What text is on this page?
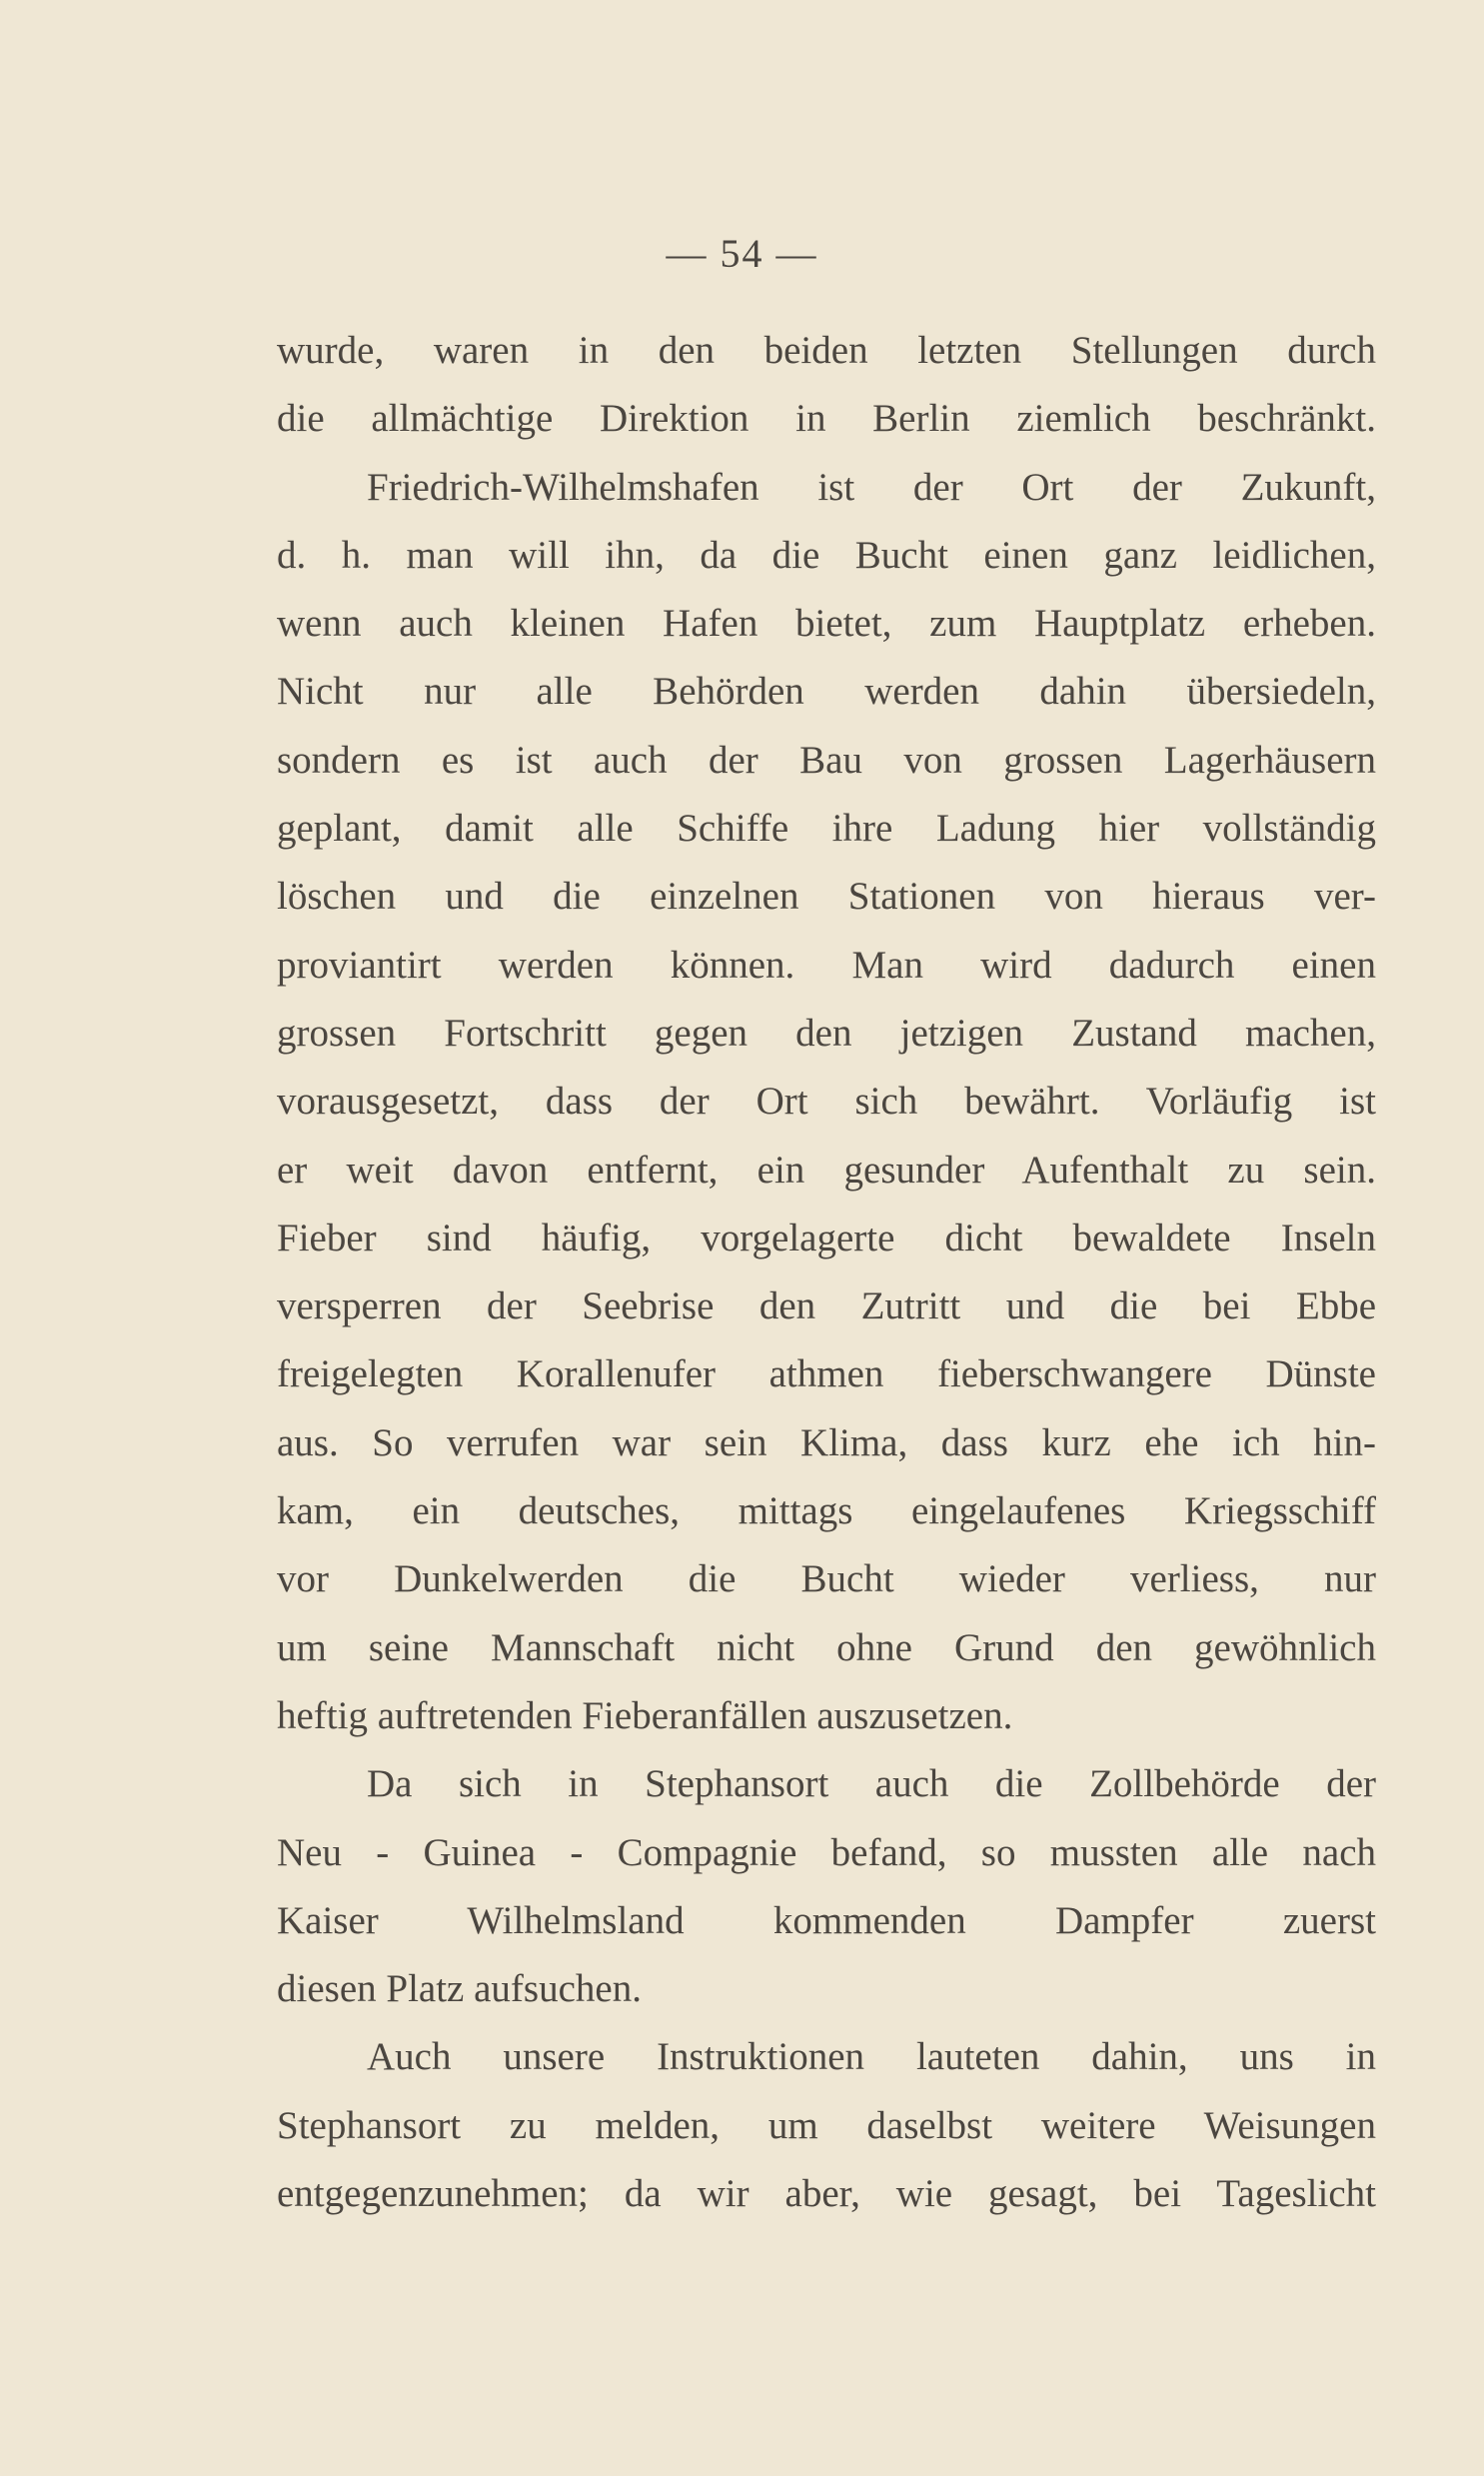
— 54 —
wurde, waren in den beiden letzten Stellungen durch
die allmächtige Direktion in Berlin ziemlich beschränkt.
Friedrich-Wilhelmshafen ist der Ort der Zukunft,
d. h. man will ihn, da die Bucht einen ganz leidlichen,
wenn auch kleinen Hafen bietet, zum Hauptplatz erheben.
Nicht nur alle Behörden werden dahin übersiedeln,
sondern es ist auch der Bau von grossen Lagerhäusern
geplant, damit alle Schiffe ihre Ladung hier vollständig
löschen und die einzelnen Stationen von hieraus ver-
proviantirt werden können. Man wird dadurch einen
grossen Fortschritt gegen den jetzigen Zustand machen,
vorausgesetzt, dass der Ort sich bewährt. Vorläufig ist
er weit davon entfernt, ein gesunder Aufenthalt zu sein.
Fieber sind häufig, vorgelagerte dicht bewaldete Inseln
versperren der Seebrise den Zutritt und die bei Ebbe
freigelegten Korallenufer athmen fieberschwangere Dünste
aus. So verrufen war sein Klima, dass kurz ehe ich hin-
kam, ein deutsches, mittags eingelaufenes Kriegsschiff
vor Dunkelwerden die Bucht wieder verliess, nur
um seine Mannschaft nicht ohne Grund den gewöhnlich
heftig auftretenden Fieberanfällen auszusetzen.
Da sich in Stephansort auch die Zollbehörde der
Neu - Guinea - Compagnie befand, so mussten alle nach
Kaiser Wilhelmsland kommenden Dampfer zuerst
diesen Platz aufsuchen.
Auch unsere Instruktionen lauteten dahin, uns in
Stephansort zu melden, um daselbst weitere Weisungen
entgegenzunehmen; da wir aber, wie gesagt, bei Tageslicht
